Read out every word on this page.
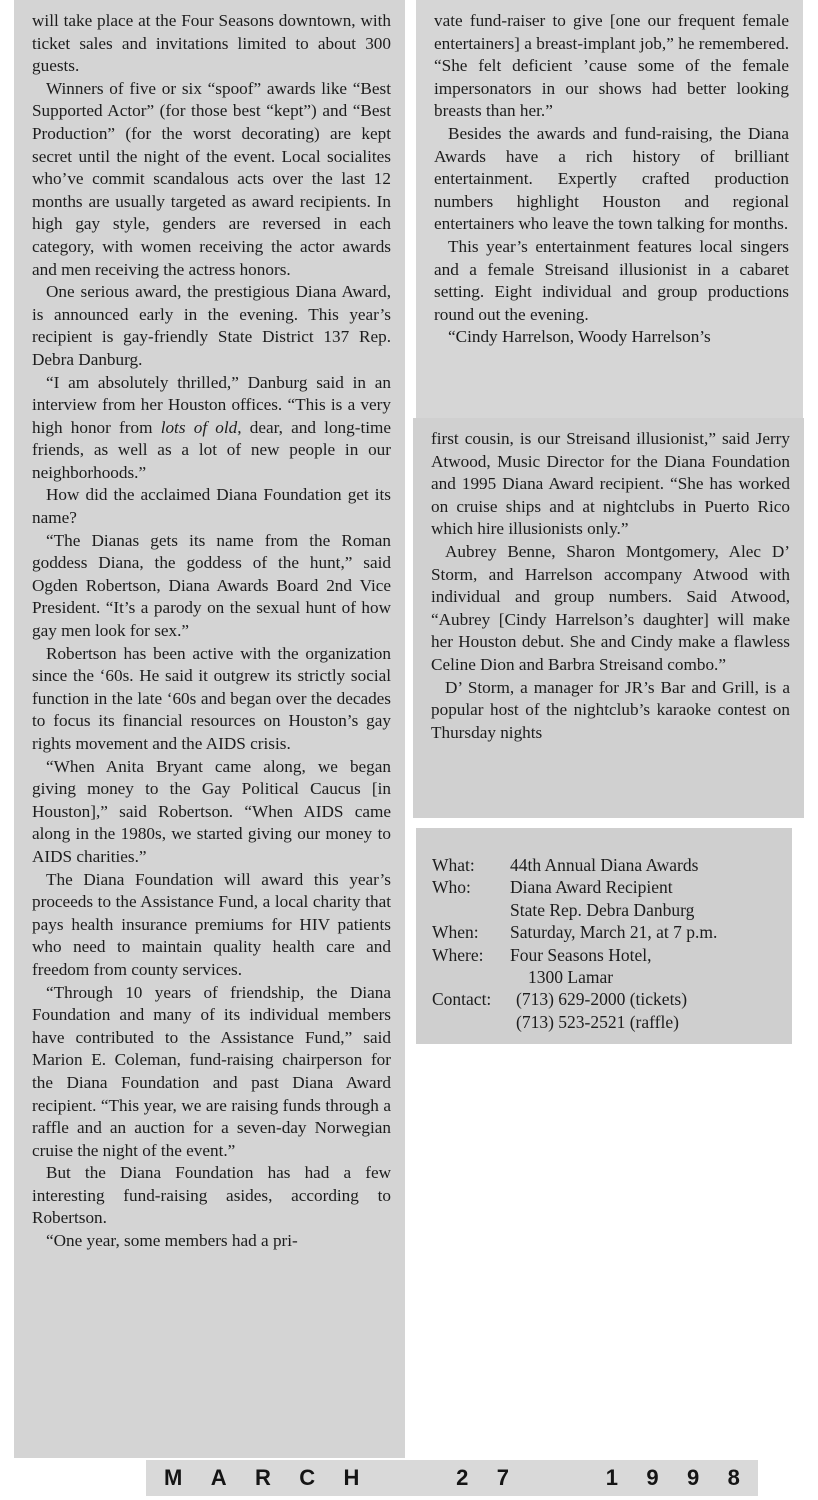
will take place at the Four Seasons downtown, with ticket sales and invitations limited to about 300 guests.

Winners of five or six “spoof” awards like “Best Supported Actor” (for those best “kept”) and “Best Production” (for the worst decorating) are kept secret until the night of the event. Local socialites who’ve commit scandalous acts over the last 12 months are usually targeted as award recipients. In high gay style, genders are reversed in each category, with women receiving the actor awards and men receiving the actress honors.

One serious award, the prestigious Diana Award, is announced early in the evening. This year’s recipient is gay-friendly State District 137 Rep. Debra Danburg.

“I am absolutely thrilled,” Danburg said in an interview from her Houston offices. “This is a very high honor from lots of old, dear, and long-time friends, as well as a lot of new people in our neighborhoods.”

How did the acclaimed Diana Foundation get its name?

“The Dianas gets its name from the Roman goddess Diana, the goddess of the hunt,” said Ogden Robertson, Diana Awards Board 2nd Vice President. “It’s a parody on the sexual hunt of how gay men look for sex.”

Robertson has been active with the organization since the ‘60s. He said it outgrew its strictly social function in the late ‘60s and began over the decades to focus its financial resources on Houston’s gay rights movement and the AIDS crisis.

“When Anita Bryant came along, we began giving money to the Gay Political Caucus [in Houston],” said Robertson. “When AIDS came along in the 1980s, we started giving our money to AIDS charities.”

The Diana Foundation will award this year’s proceeds to the Assistance Fund, a local charity that pays health insurance premiums for HIV patients who need to maintain quality health care and freedom from county services.

“Through 10 years of friendship, the Diana Foundation and many of its individual members have contributed to the Assistance Fund,” said Marion E. Coleman, fund-raising chairperson for the Diana Foundation and past Diana Award recipient. “This year, we are raising funds through a raffle and an auction for a seven-day Norwegian cruise the night of the event.”

But the Diana Foundation has had a few interesting fund-raising asides, according to Robertson.

“One year, some members had a pri-

vate fund-raiser to give [one our frequent female entertainers] a breast-implant job,” he remembered. “She felt deficient ’cause some of the female impersonators in our shows had better looking breasts than her.”

Besides the awards and fund-raising, the Diana Awards have a rich history of brilliant entertainment. Expertly crafted production numbers highlight Houston and regional entertainers who leave the town talking for months.

This year’s entertainment features local singers and a female Streisand illusionist in a cabaret setting. Eight individual and group productions round out the evening.

“Cindy Harrelson, Woody Harrelson’s

first cousin, is our Streisand illusionist,” said Jerry Atwood, Music Director for the Diana Foundation and 1995 Diana Award recipient. “She has worked on cruise ships and at nightclubs in Puerto Rico which hire illusionists only.”

Aubrey Benne, Sharon Montgomery, Alec D’ Storm, and Harrelson accompany Atwood with individual and group numbers. Said Atwood, “Aubrey [Cindy Harrelson’s daughter] will make her Houston debut. She and Cindy make a flawless Celine Dion and Barbra Streisand combo.”

D’ Storm, a manager for JR’s Bar and Grill, is a popular host of the nightclub’s karaoke contest on Thursday nights

What:	44th Annual Diana Awards
Who:	Diana Award Recipient
State Rep. Debra Danburg
When:	Saturday, March 21, at 7 p.m.
Where:	Four Seasons Hotel,
1300 Lamar
Contact:	(713) 629-2000 (tickets)
(713) 523-2521 (raffle)
M A R C H	2 7	1 9 9 8
